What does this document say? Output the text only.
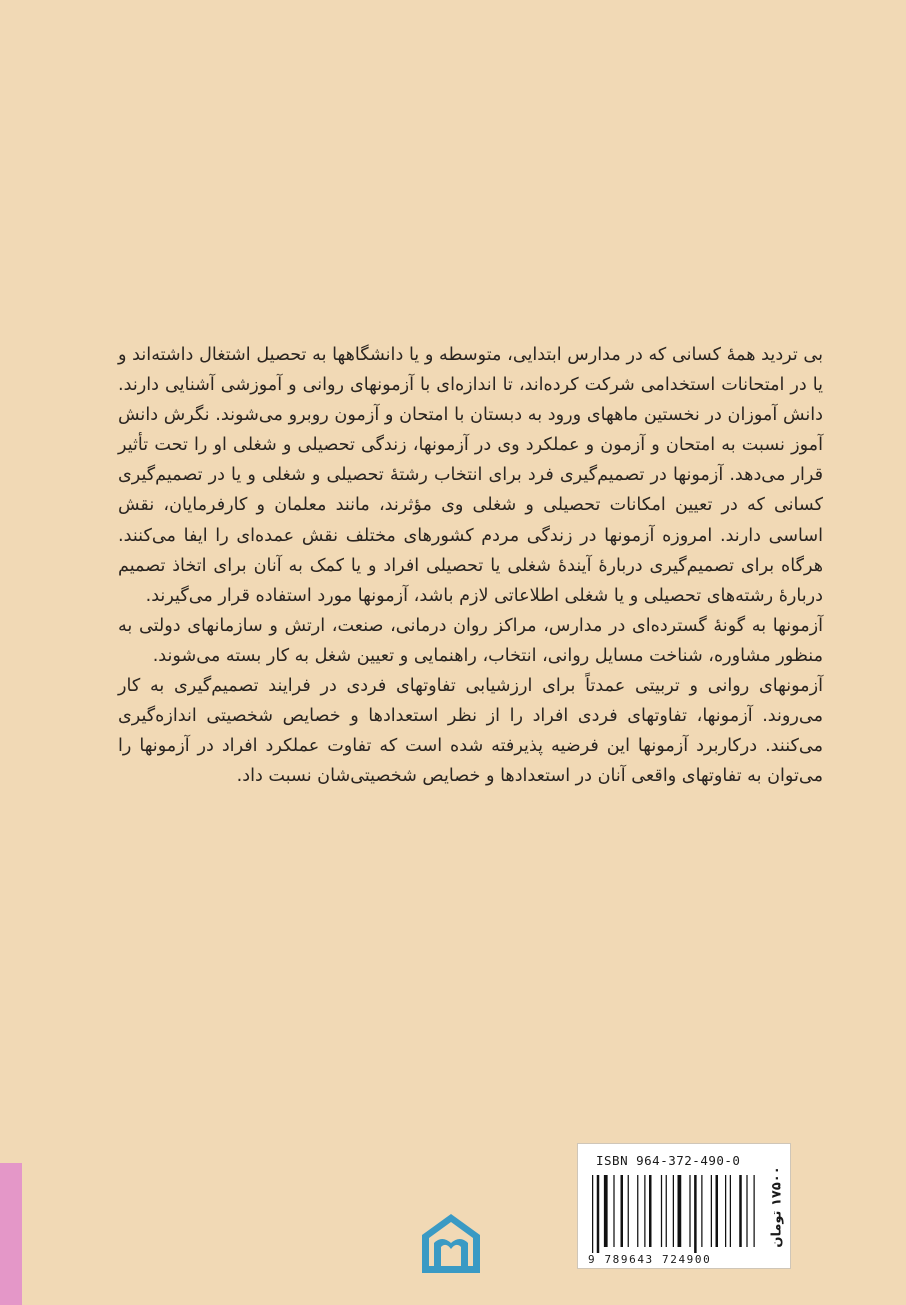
بی تردید همهٔ کسانی که در مدارس ابتدایی، متوسطه و یا دانشگاهها به تحصیل اشتغال داشته‌اند و یا در امتحانات استخدامی شرکت کرده‌اند، تا اندازه‌ای با آزمونهای روانی و آموزشی آشنایی دارند. دانش آموزان در نخستین ماههای ورود به دبستان با امتحان و آزمون روبرو می‌شوند. نگرش دانش آموز نسبت به امتحان و آزمون و عملکرد وی در آزمونها، زندگی تحصیلی و شغلی او را تحت تأثیر قرار می‌دهد. آزمونها در تصمیم‌گیری فرد برای انتخاب رشتهٔ تحصیلی و شغلی و یا در تصمیم‌گیری کسانی که در تعیین امکانات تحصیلی و شغلی وی مؤثرند، مانند معلمان و کارفرمایان، نقش اساسی دارند. امروزه آزمونها در زندگی مردم کشورهای مختلف نقش عمده‌ای را ایفا می‌کنند. هرگاه برای تصمیم‌گیری دربارهٔ آیندهٔ شغلی یا تحصیلی افراد و یا کمک به آنان برای اتخاذ تصمیم دربارهٔ رشته‌های تحصیلی و یا شغلی اطلاعاتی لازم باشد، آزمونها مورد استفاده قرار می‌گیرند.

آزمونها به گونهٔ گسترده‌ای در مدارس، مراکز روان درمانی، صنعت، ارتش و سازمانهای دولتی به منظور مشاوره، شناخت مسایل روانی، انتخاب، راهنمایی و تعیین شغل به کار بسته می‌شوند.

آزمونهای روانی و تربیتی عمدتاً برای ارزشیابی تفاوتهای فردی در فرایند تصمیم‌گیری به کار می‌روند. آزمونها، تفاوتهای فردی افراد را از نظر استعدادها و خصایص شخصیتی اندازه‌گیری می‌کنند. درکاربرد آزمونها این فرضیه پذیرفته شده است که تفاوت عملکرد افراد در آزمونها را می‌توان به تفاوتهای واقعی آنان در استعدادها و خصایص شخصیتی‌شان نسبت داد.

ISBN 964-372-490-0
9 789643 724900
۱۷۵۰۰ تومان
